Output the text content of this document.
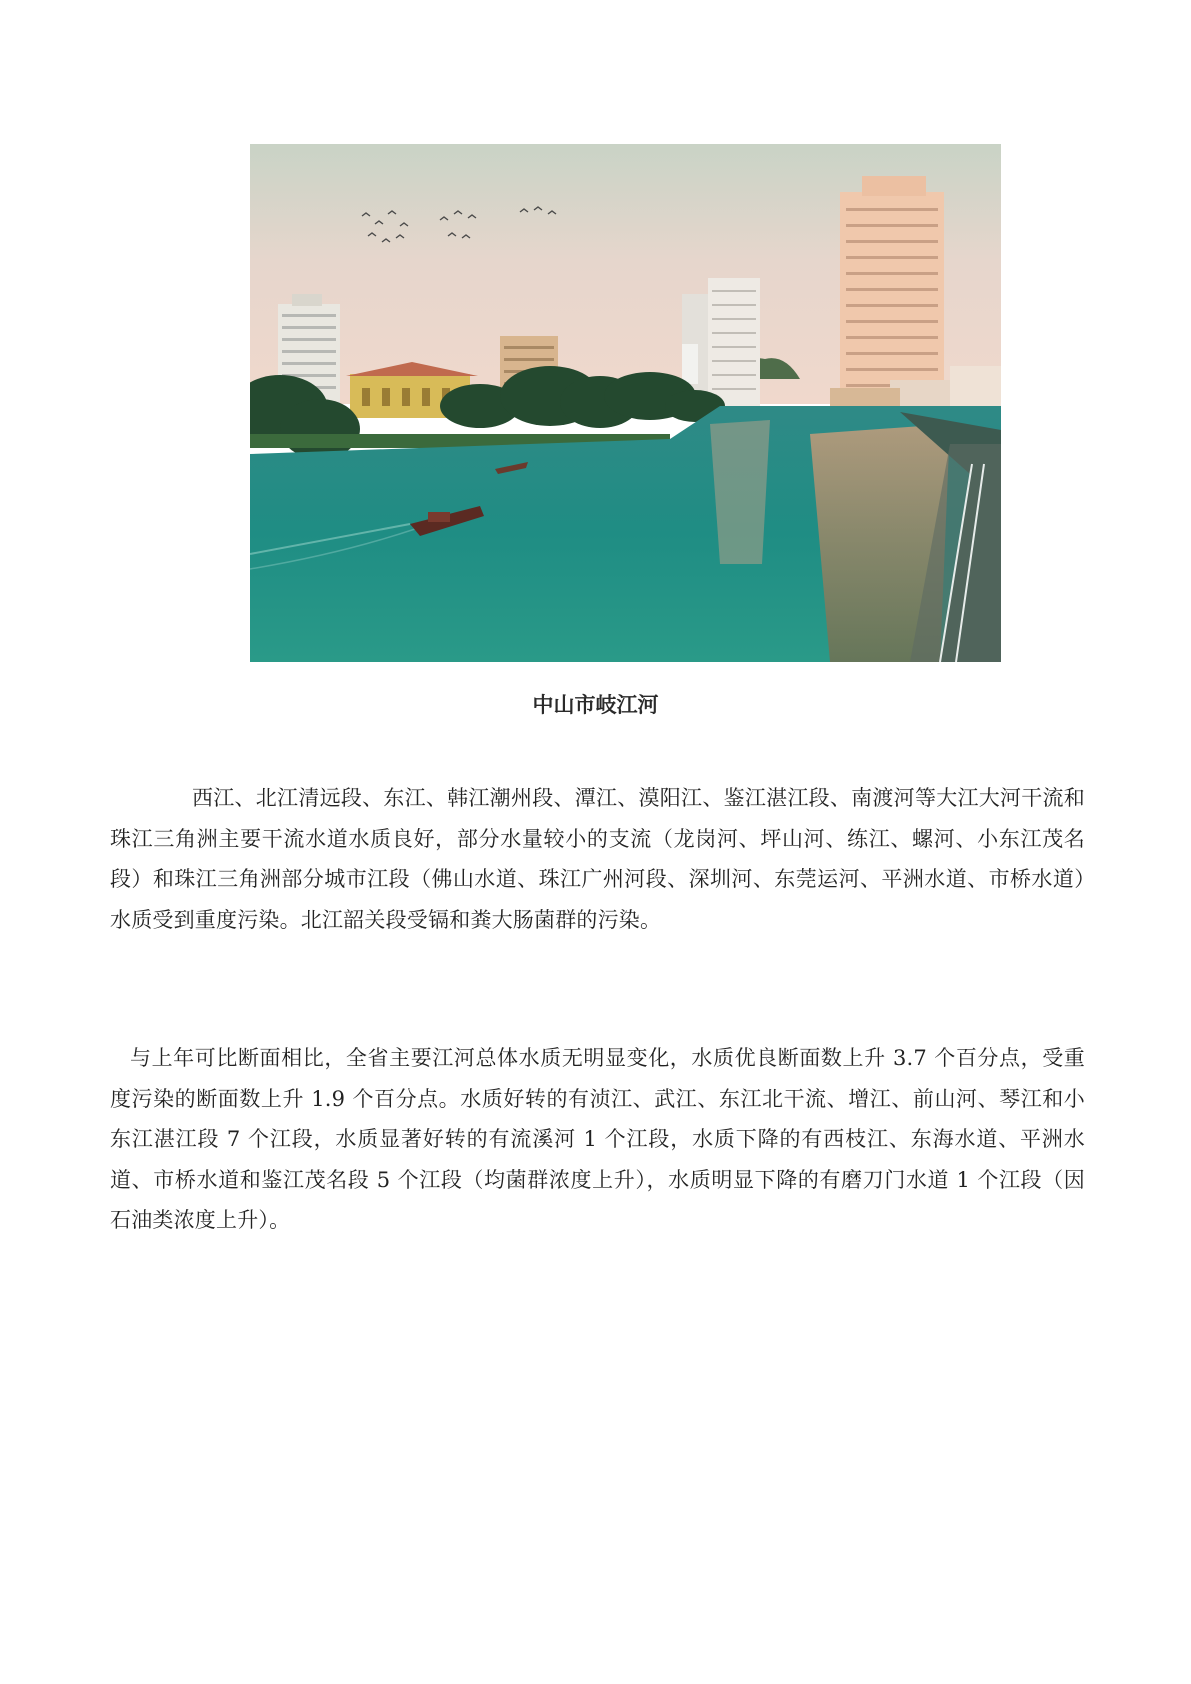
中山市岐江河

西江、北江清远段、东江、韩江潮州段、潭江、漠阳江、鉴江湛江段、南渡河等大江大河干流和珠江三角洲主要干流水道水质良好，部分水量较小的支流（龙岗河、坪山河、练江、螺河、小东江茂名段）和珠江三角洲部分城市江段（佛山水道、珠江广州河段、深圳河、东莞运河、平洲水道、市桥水道）水质受到重度污染。北江韶关段受镉和粪大肠菌群的污染。

与上年可比断面相比，全省主要江河总体水质无明显变化，水质优良断面数上升 3.7 个百分点，受重度污染的断面数上升 1.9 个百分点。水质好转的有浈江、武江、东江北干流、增江、前山河、琴江和小东江湛江段 7 个江段，水质显著好转的有流溪河 1 个江段，水质下降的有西枝江、东海水道、平洲水道、市桥水道和鉴江茂名段 5 个江段（均菌群浓度上升），水质明显下降的有磨刀门水道 1 个江段（因石油类浓度上升）。
